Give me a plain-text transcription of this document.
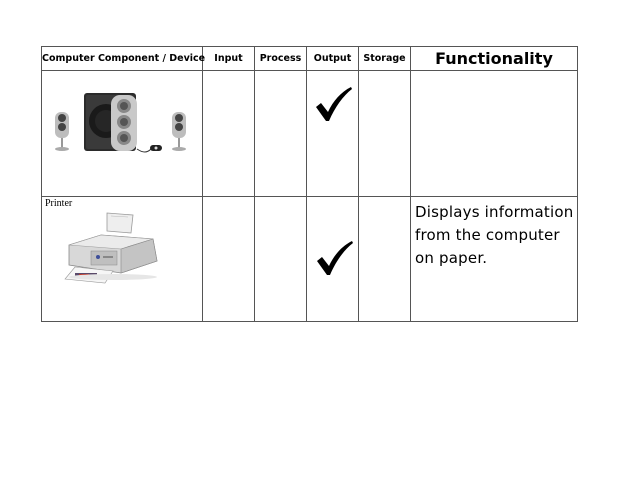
Computer Component / Device	Input	Process	Output	Storage	Functionality

Printer					Displays information from the computer on paper.
